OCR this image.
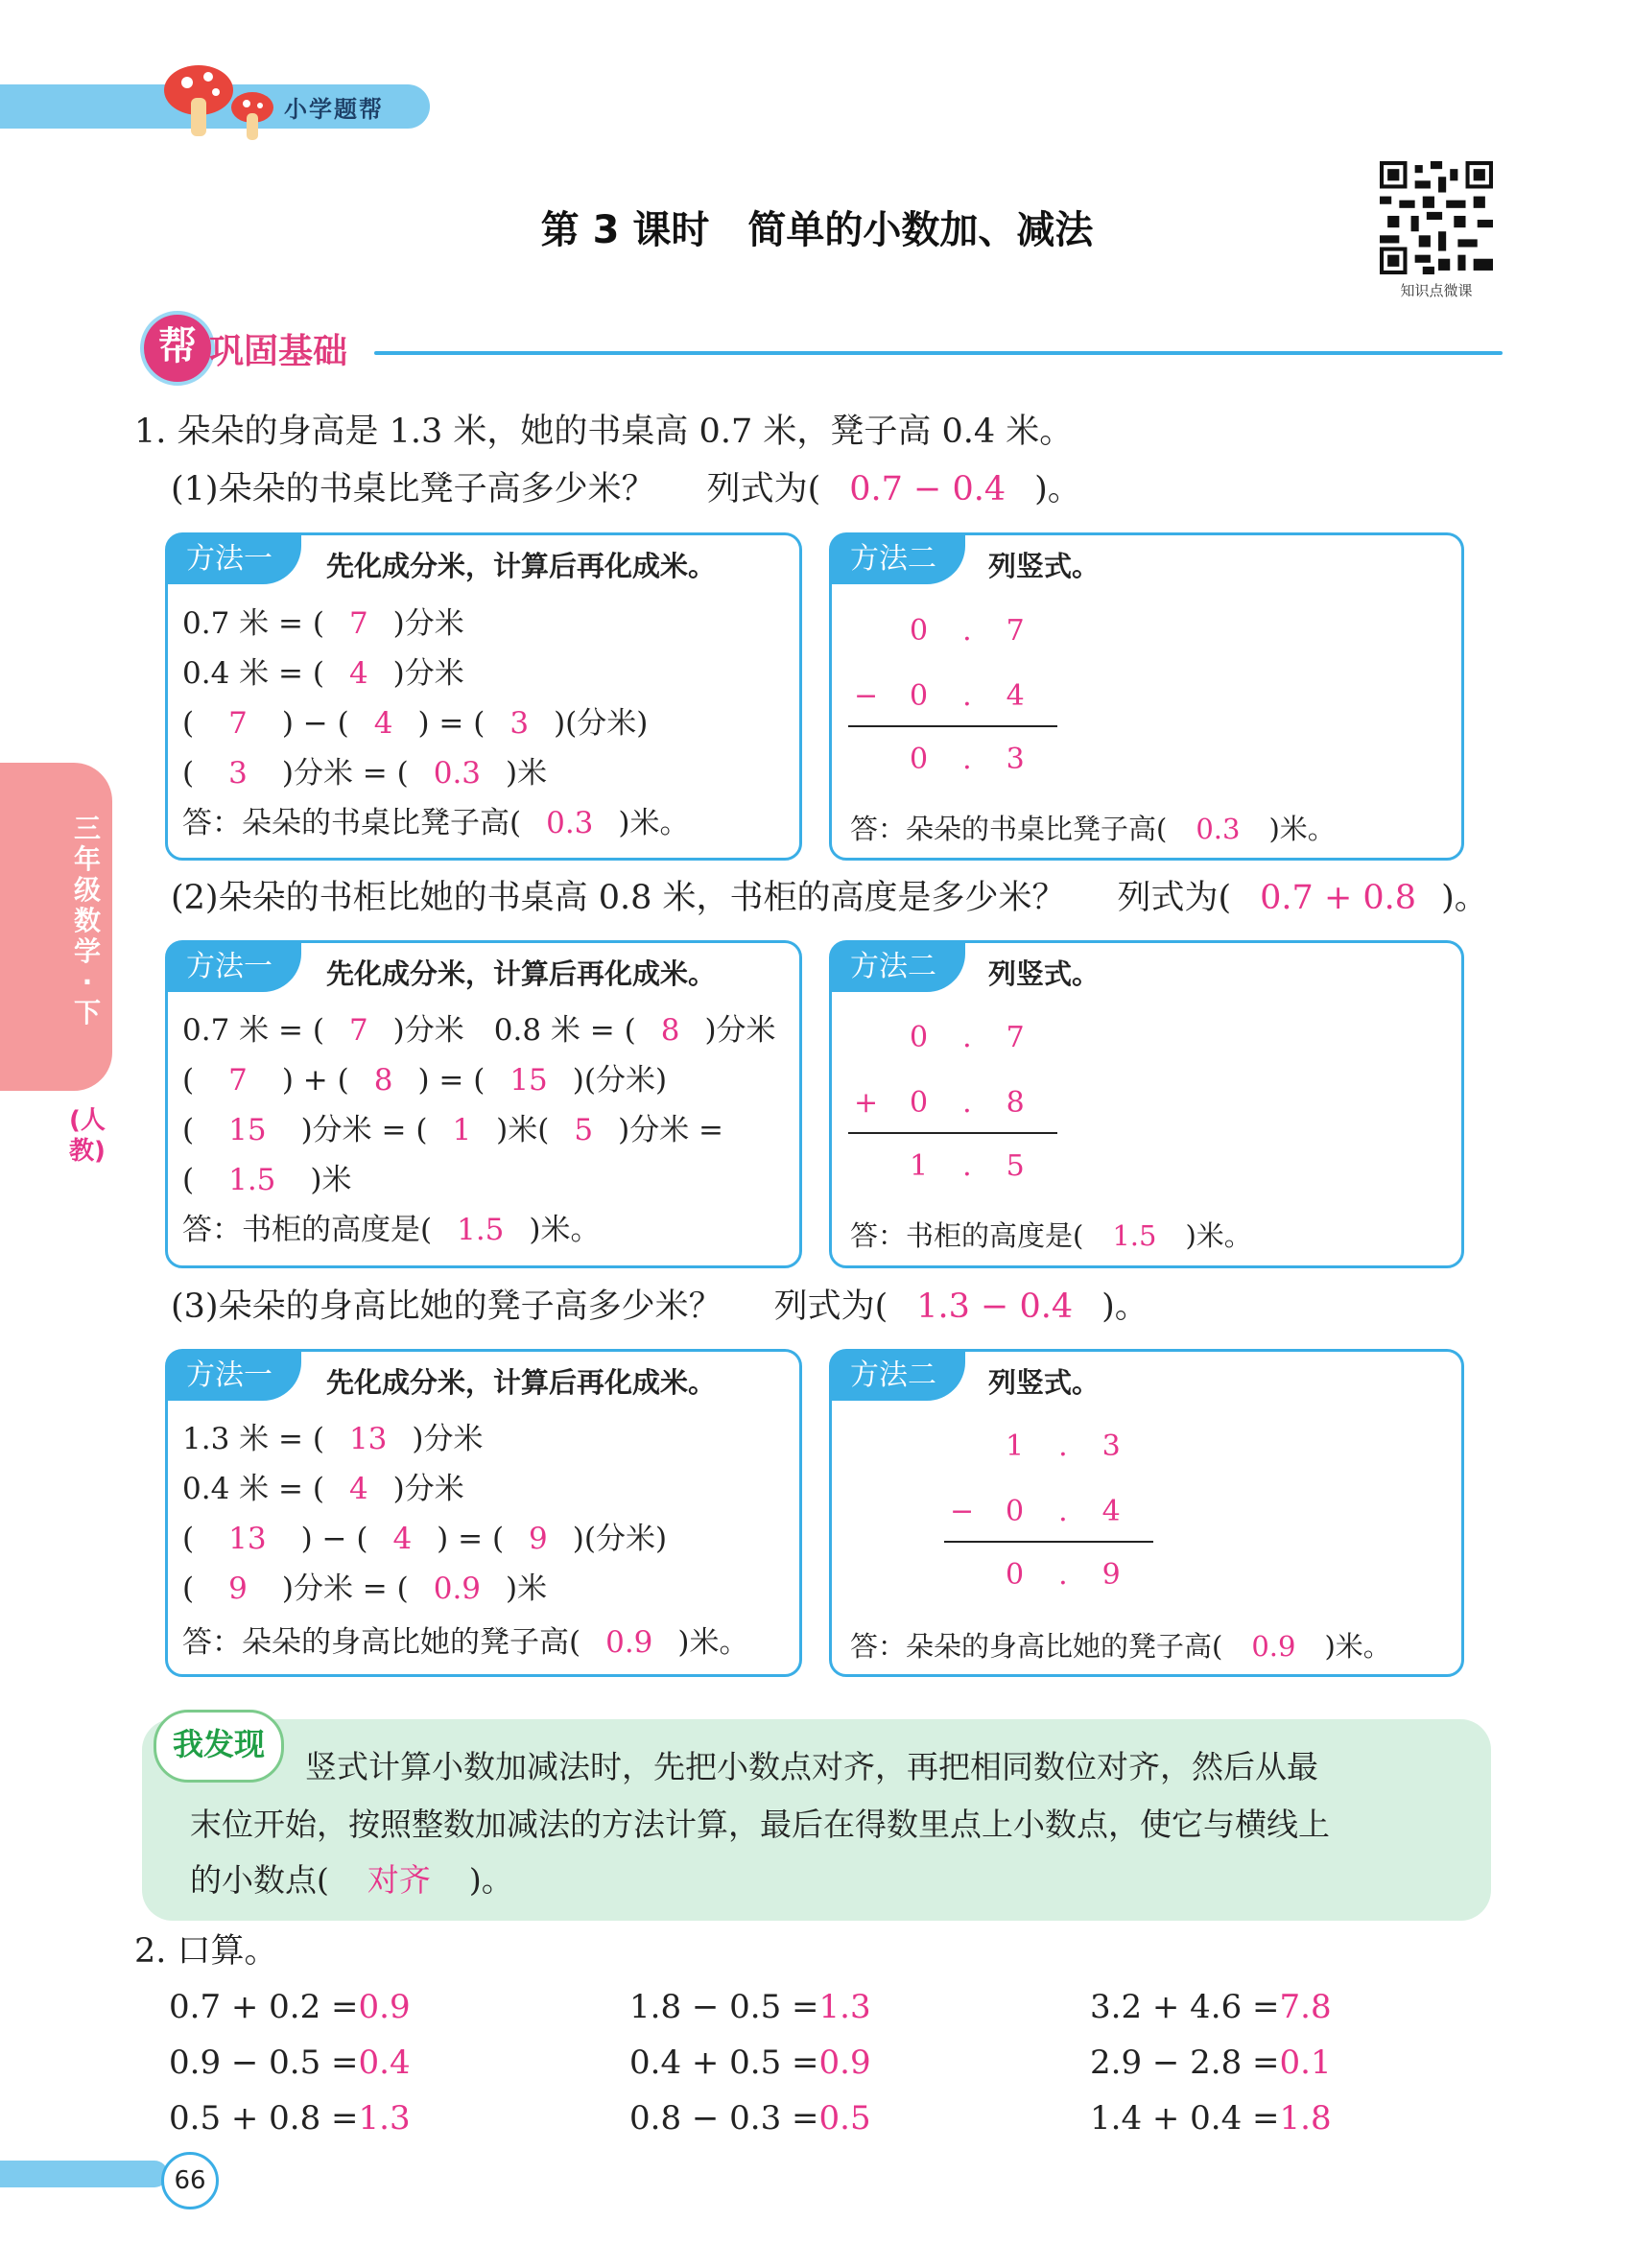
小学题帮
第 3 课时　简单的小数加、减法
知识点微课
帮 巩固基础
三年级数学·下
(人教)
1. 朵朵的身高是 1.3 米，她的书桌高 0.7 米，凳子高 0.4 米。
(1)朵朵的书桌比凳子高多少米？ 列式为( 0.7 − 0.4 )。
方法一	先化成分米，计算后再化成米。
0.7 米 = ( 7 )分米
0.4 米 = ( 4 )分米
( 7 ) − ( 4 ) = ( 3 )(分米)
( 3 )分米 = ( 0.3 )米
答：朵朵的书桌比凳子高( 0.3 )米。
方法二	列竖式。
0 . 7
− 0 . 4
0 . 3
答：朵朵的书桌比凳子高( 0.3 )米。
(2)朵朵的书柜比她的书桌高 0.8 米，书柜的高度是多少米？ 列式为( 0.7 + 0.8 )。
方法一	先化成分米，计算后再化成米。
0.7 米 = ( 7 )分米　0.8 米 = ( 8 )分米
( 7 ) + ( 8 ) = ( 15 )(分米)
( 15 )分米 = ( 1 )米( 5 )分米 =
( 1.5 )米
答：书柜的高度是( 1.5 )米。
方法二	列竖式。
0 . 7
+ 0 . 8
1 . 5
答：书柜的高度是( 1.5 )米。
(3)朵朵的身高比她的凳子高多少米？ 列式为( 1.3 − 0.4 )。
方法一	先化成分米，计算后再化成米。
1.3 米 = ( 13 )分米
0.4 米 = ( 4 )分米
( 13 ) − ( 4 ) = ( 9 )(分米)
( 9 )分米 = ( 0.9 )米
答：朵朵的身高比她的凳子高( 0.9 )米。
方法二	列竖式。
1 . 3
− 0 . 4
0 . 9
答：朵朵的身高比她的凳子高( 0.9 )米。
我发现
竖式计算小数加减法时，先把小数点对齐，再把相同数位对齐，然后从最
末位开始，按照整数加减法的方法计算，最后在得数里点上小数点，使它与横线上
的小数点( 对齐 )。
2. 口算。
0.7 + 0.2 =0.9	1.8 − 0.5 =1.3	3.2 + 4.6 =7.8
0.9 − 0.5 =0.4	0.4 + 0.5 =0.9	2.9 − 2.8 =0.1
0.5 + 0.8 =1.3	0.8 − 0.3 =0.5	1.4 + 0.4 =1.8
66
